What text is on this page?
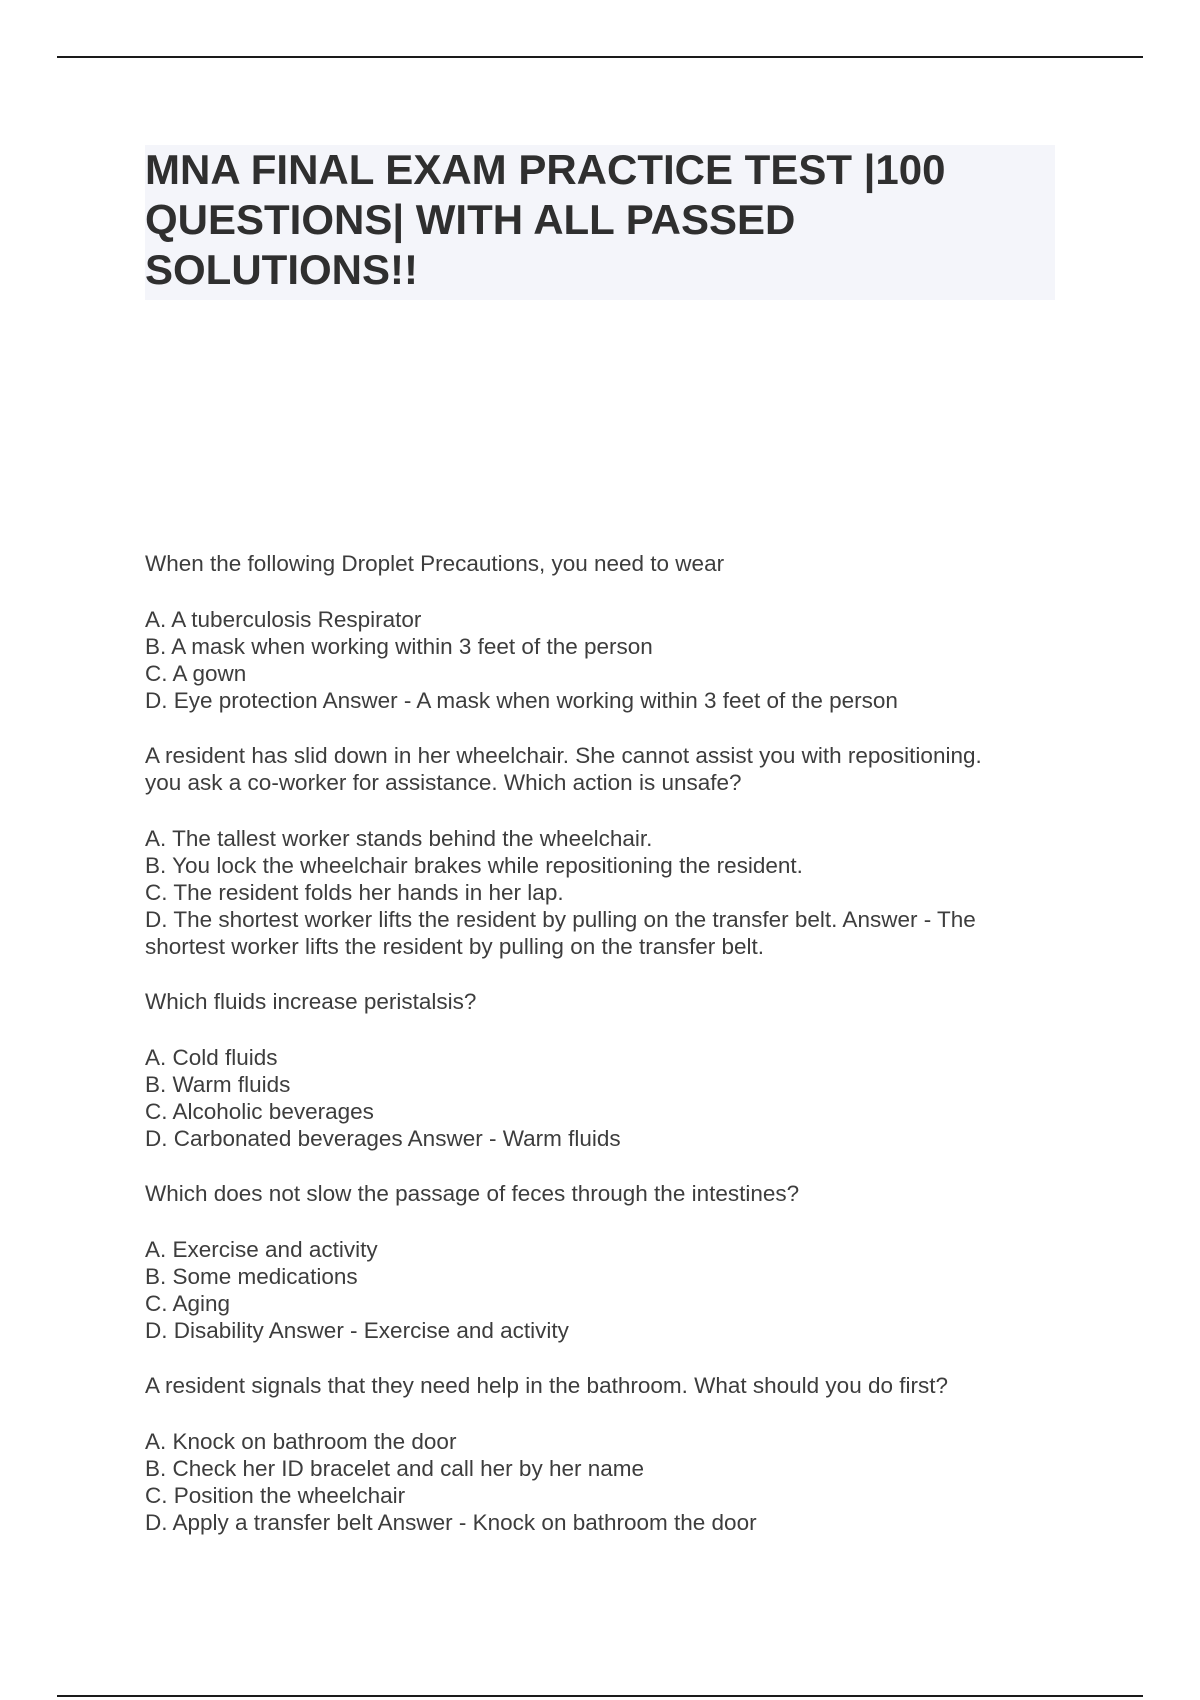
MNA FINAL EXAM PRACTICE TEST |100
QUESTIONS| WITH ALL PASSED
SOLUTIONS!!

When the following Droplet Precautions, you need to wear

A. A tuberculosis Respirator

B. A mask when working within 3 feet of the person

C. A gown

D. Eye protection Answer - A mask when working within 3 feet of the person

A resident has slid down in her wheelchair. She cannot assist you with repositioning.

you ask a co-worker for assistance. Which action is unsafe?

A. The tallest worker stands behind the wheelchair.

B. You lock the wheelchair brakes while repositioning the resident.

C. The resident folds her hands in her lap.

D. The shortest worker lifts the resident by pulling on the transfer belt. Answer - The

shortest worker lifts the resident by pulling on the transfer belt.

Which fluids increase peristalsis?

A. Cold fluids

B. Warm fluids

C. Alcoholic beverages

D. Carbonated beverages Answer - Warm fluids

Which does not slow the passage of feces through the intestines?

A. Exercise and activity

B. Some medications

C. Aging

D. Disability Answer - Exercise and activity

A resident signals that they need help in the bathroom. What should you do first?

A. Knock on bathroom the door

B. Check her ID bracelet and call her by her name

C. Position the wheelchair

D. Apply a transfer belt Answer - Knock on bathroom the door
